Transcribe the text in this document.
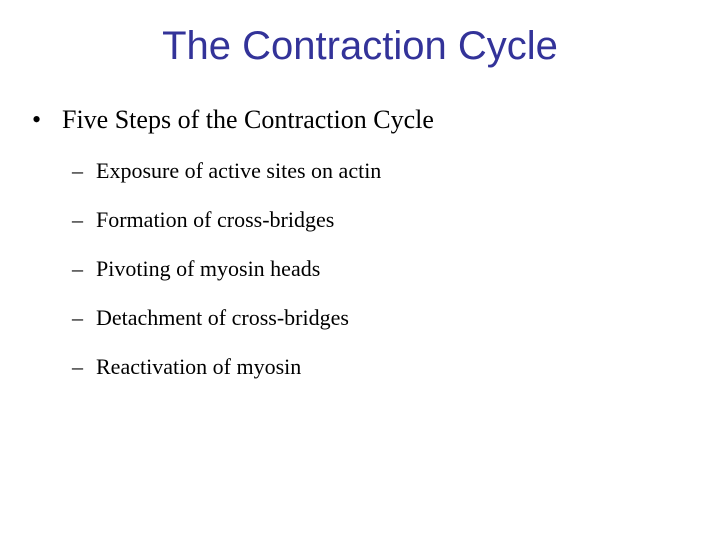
The Contraction Cycle
• Five Steps of the Contraction Cycle
– Exposure of active sites on actin
– Formation of cross-bridges
– Pivoting of myosin heads
– Detachment of cross-bridges
– Reactivation of myosin
